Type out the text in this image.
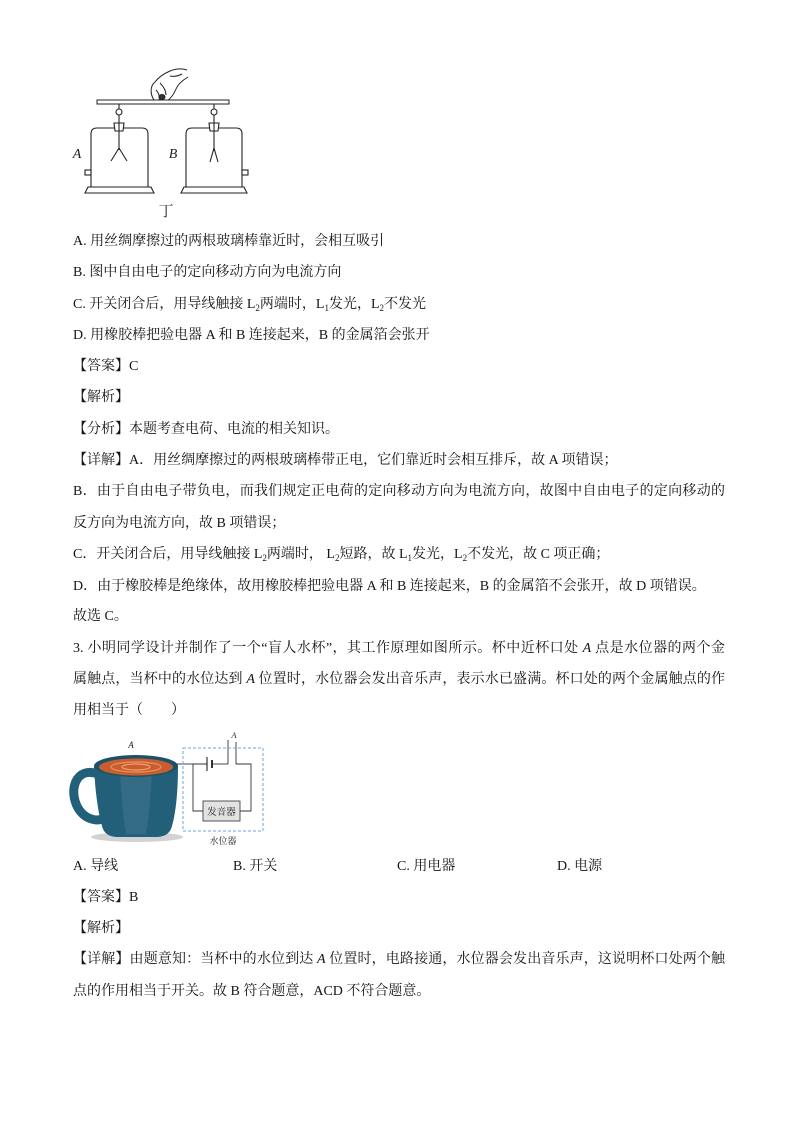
A	B
丁
A. 用丝绸摩擦过的两根玻璃棒靠近时，会相互吸引
B. 图中自由电子的定向移动方向为电流方向
C. 开关闭合后，用导线触接 $L_2$两端时，$L_1$发光，$L_2$不发光
D. 用橡胶棒把验电器 A 和 B 连接起来，B 的金属箔会张开
【答案】C
【解析】
【分析】本题考查电荷、电流的相关知识。
【详解】A．用丝绸摩擦过的两根玻璃棒带正电，它们靠近时会相互排斥，故 A 项错误；
B．由于自由电子带负电，而我们规定正电荷的定向移动方向为电流方向，故图中自由电子的定向移动的
反方向为电流方向，故 B 项错误；
C．开关闭合后，用导线触接 $L_2$两端时， $L_2$短路，故 $L_1$发光，$L_2$不发光，故 C 项正确；
D．由于橡胶棒是绝缘体，故用橡胶棒把验电器 A 和 B 连接起来，B 的金属箔不会张开，故 D 项错误。
故选 C。
3. 小明同学设计并制作了一个“盲人水杯”，其工作原理如图所示。杯中近杯口处 A 点是水位器的两个金
属触点，当杯中的水位达到 A 位置时，水位器会发出音乐声，表示水已盛满。杯口处的两个金属触点的作
用相当于（　　）
A
A
发音器
水位器
A. 导线	B. 开关	C. 用电器	D. 电源
【答案】B
【解析】
【详解】由题意知：当杯中的水位到达 A 位置时，电路接通，水位器会发出音乐声，这说明杯口处两个触
点的作用相当于开关。故 B 符合题意，ACD 不符合题意。
